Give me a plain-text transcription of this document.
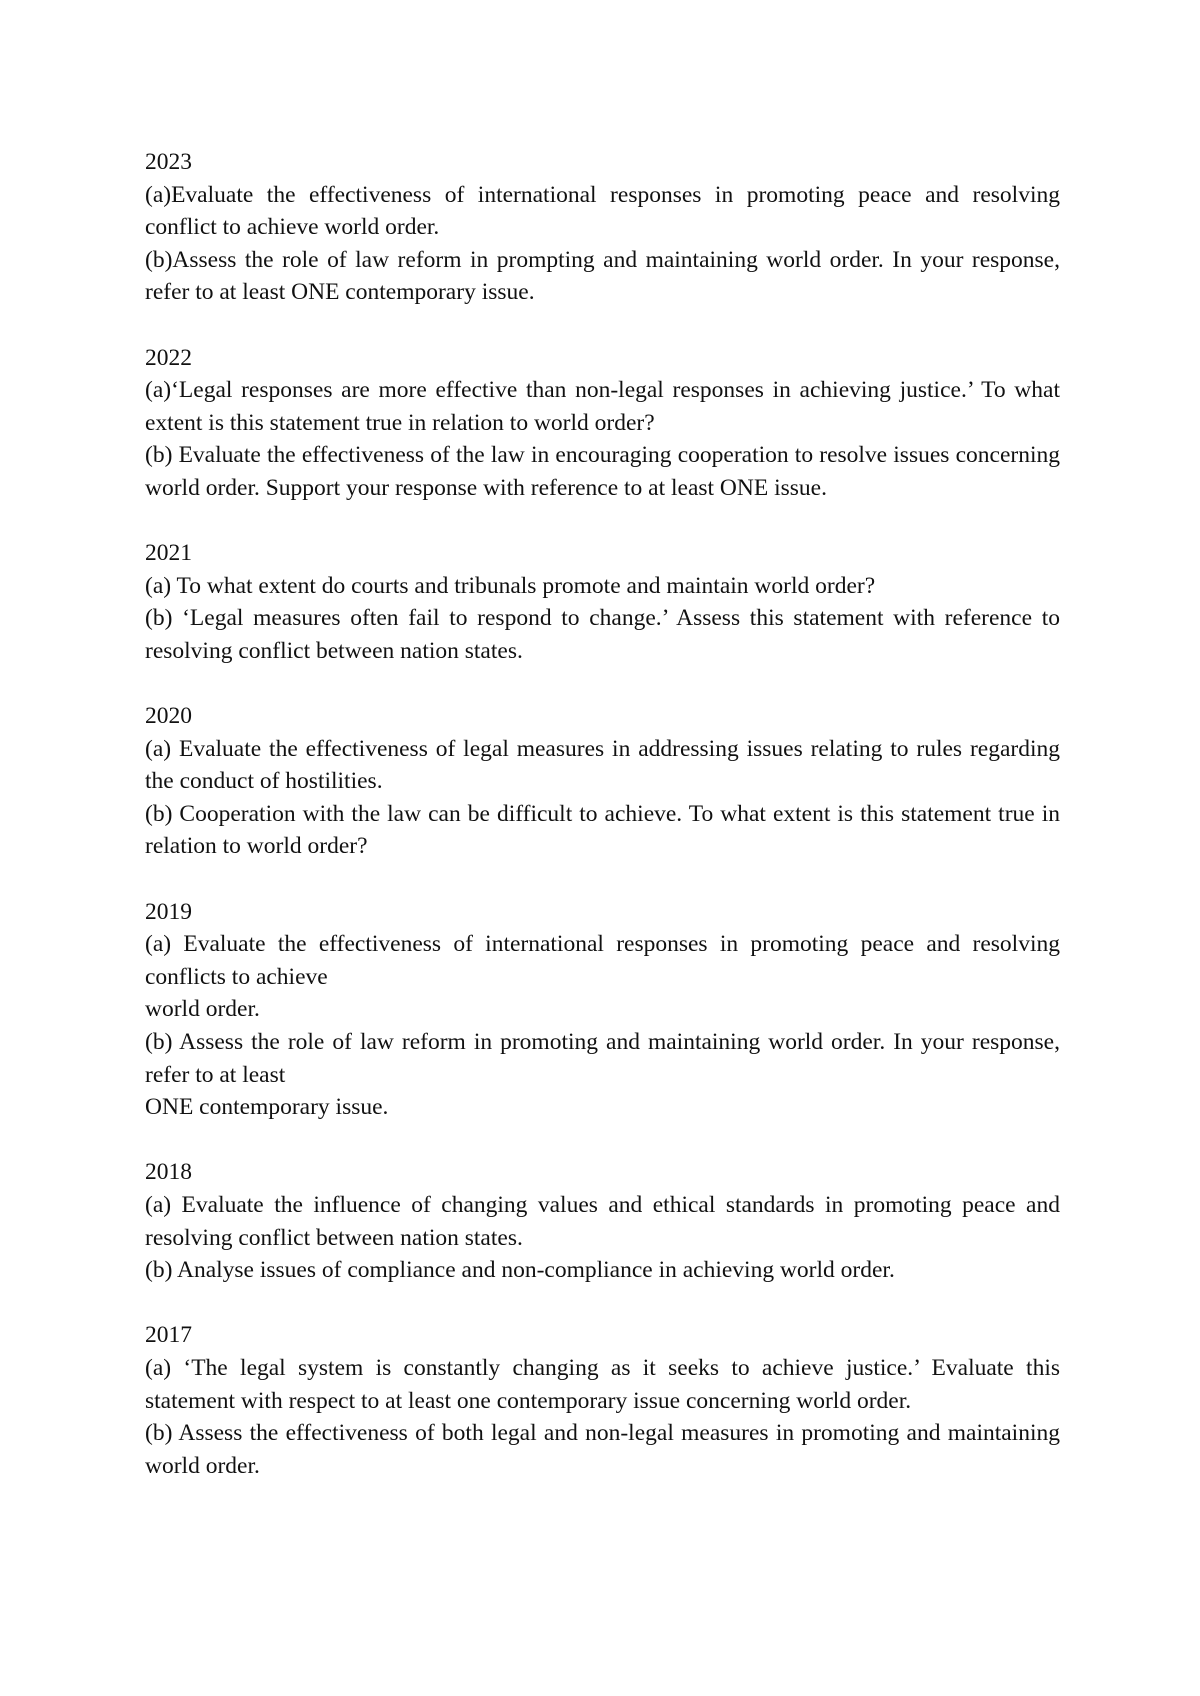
2023

(a)Evaluate the effectiveness of international responses in promoting peace and resolving conflict to achieve world order.

(b)Assess the role of law reform in prompting and maintaining world order. In your response, refer to at least ONE contemporary issue.

2022

(a)‘Legal responses are more effective than non-legal responses in achieving justice.’ To what extent is this statement true in relation to world order?

(b) Evaluate the effectiveness of the law in encouraging cooperation to resolve issues concerning world order. Support your response with reference to at least ONE issue.

2021

(a) To what extent do courts and tribunals promote and maintain world order?

(b) ‘Legal measures often fail to respond to change.’ Assess this statement with reference to resolving conflict between nation states.

2020

(a) Evaluate the effectiveness of legal measures in addressing issues relating to rules regarding the conduct of hostilities.

(b) Cooperation with the law can be difficult to achieve. To what extent is this statement true in relation to world order?

2019

(a) Evaluate the effectiveness of international responses in promoting peace and resolving conflicts to achieve

world order.

(b) Assess the role of law reform in promoting and maintaining world order. In your response, refer to at least

ONE contemporary issue.

2018

(a) Evaluate the influence of changing values and ethical standards in promoting peace and resolving conflict between nation states.

(b) Analyse issues of compliance and non-compliance in achieving world order.

2017

(a) ‘The legal system is constantly changing as it seeks to achieve justice.’ Evaluate this statement with respect to at least one contemporary issue concerning world order.

(b) Assess the effectiveness of both legal and non-legal measures in promoting and maintaining world order.
